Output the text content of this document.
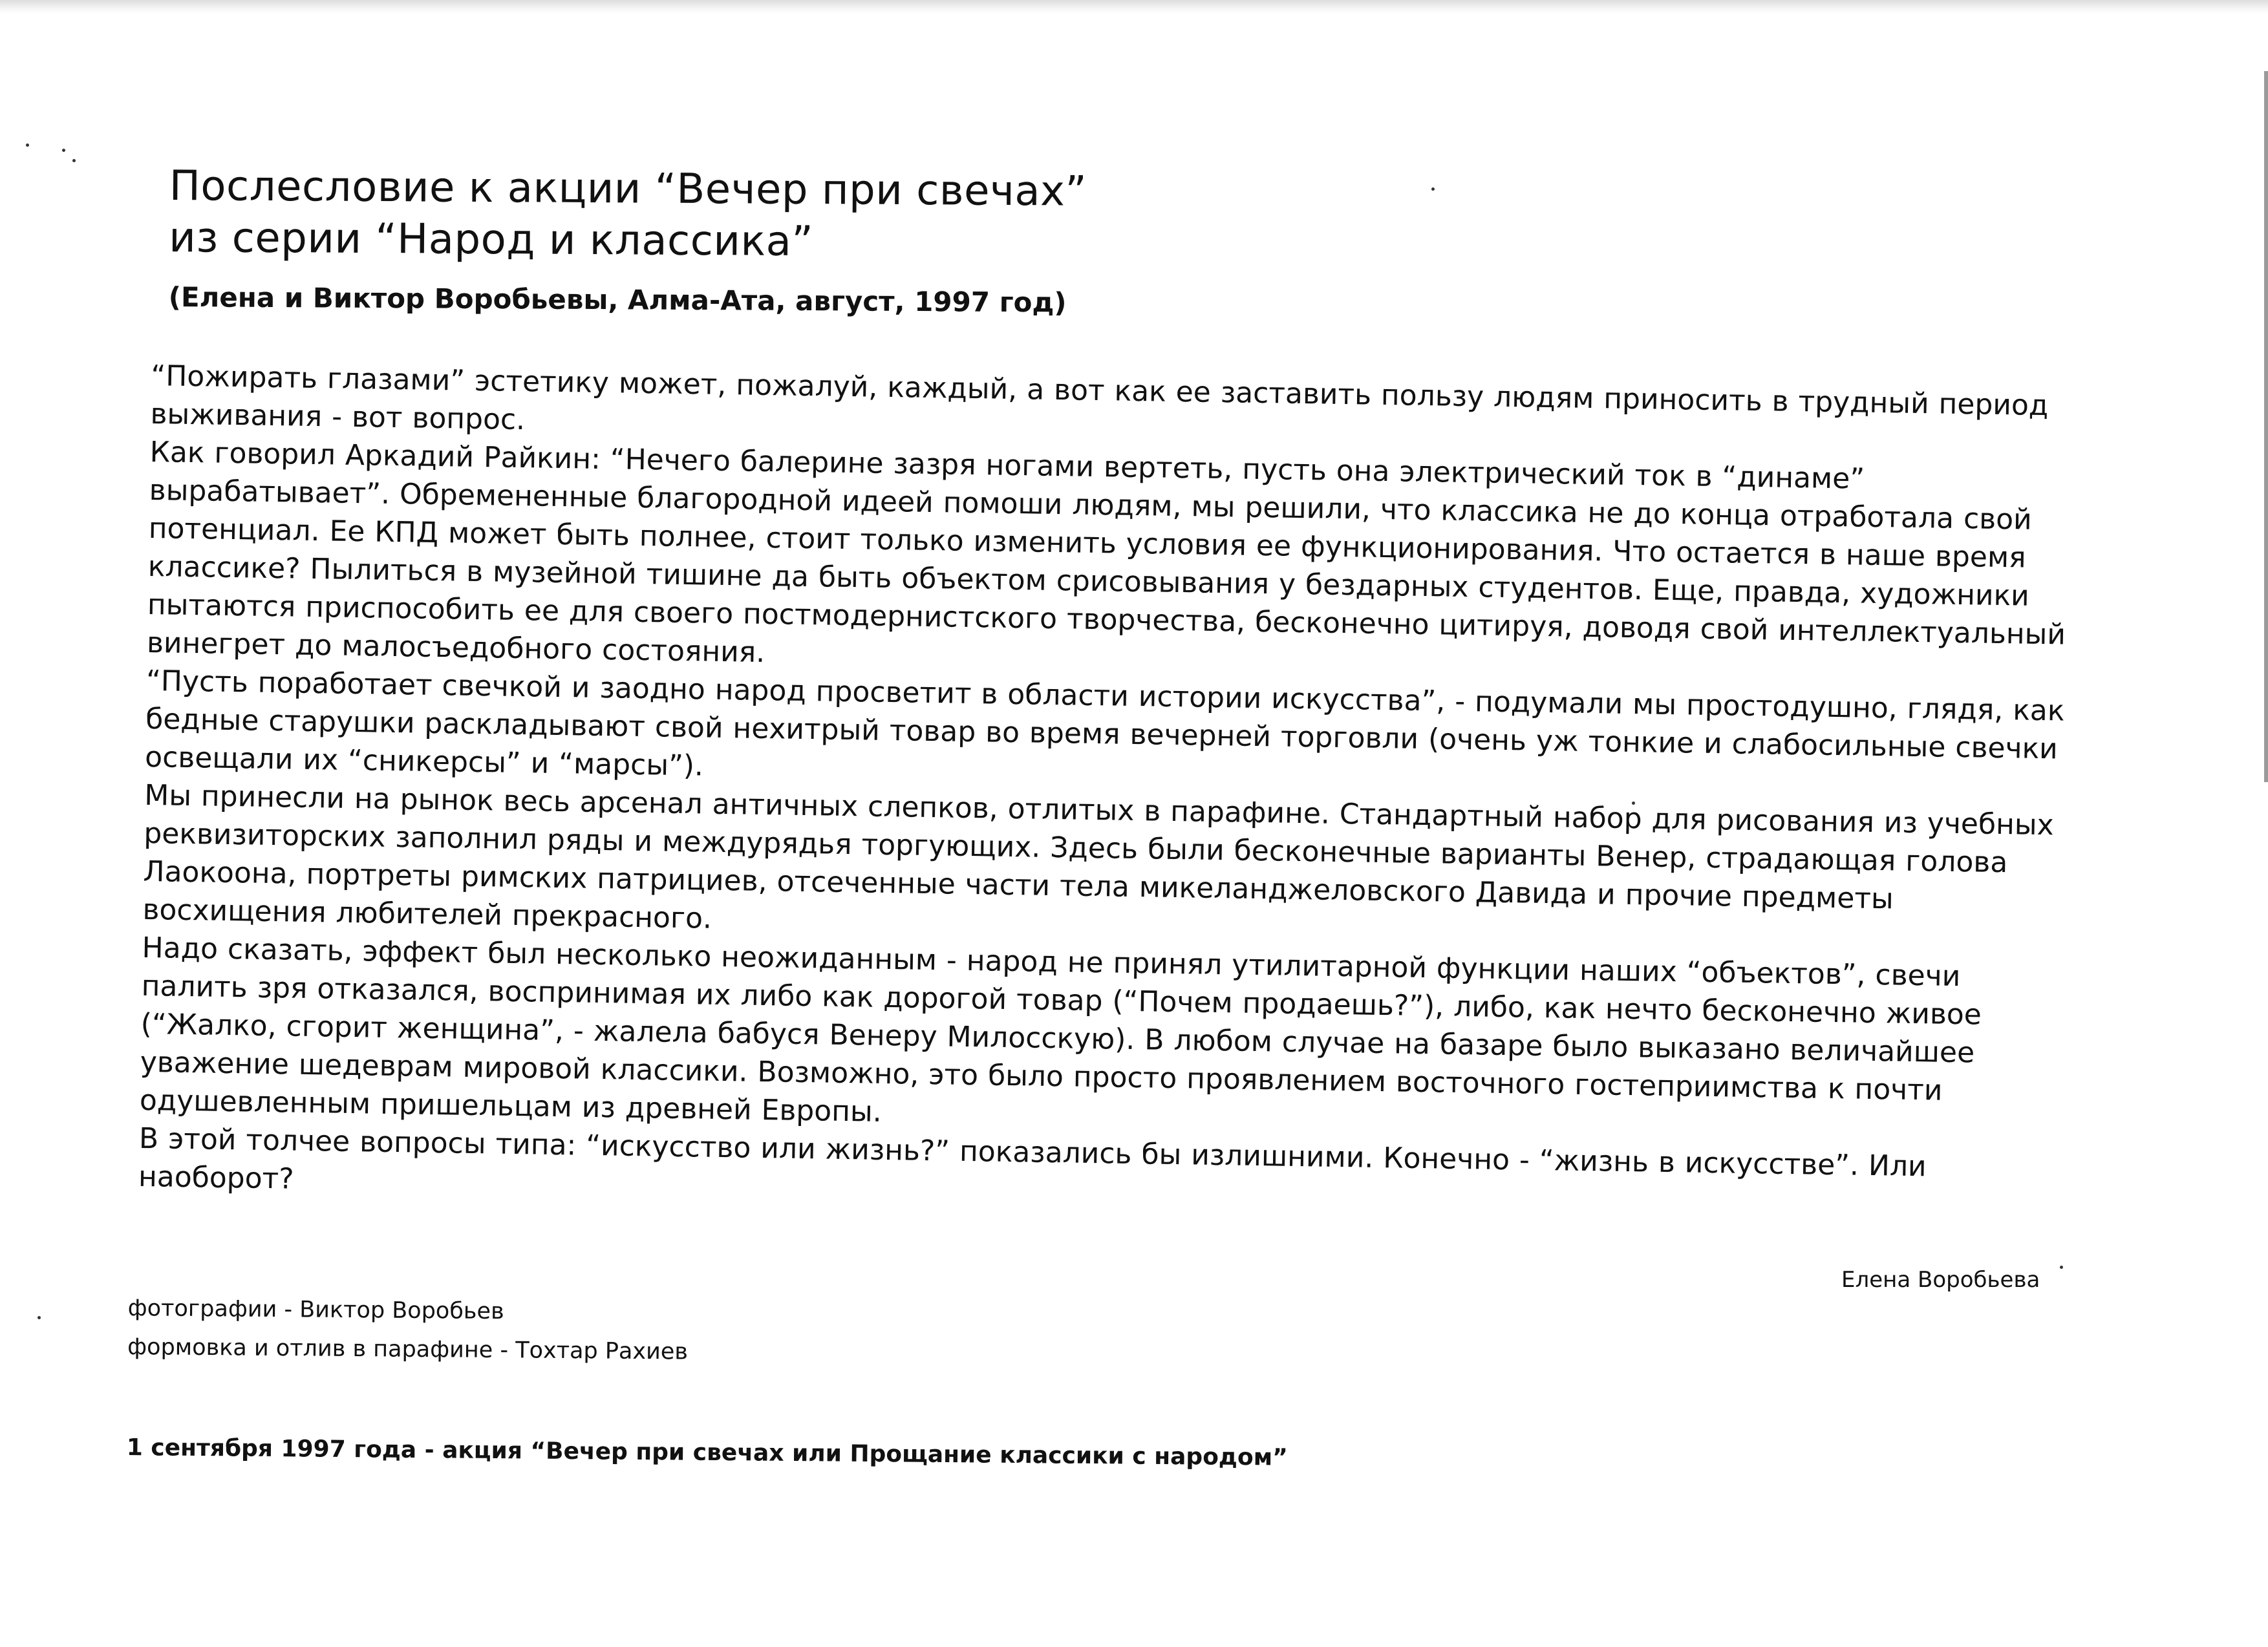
Послесловие к акции “Вечер при свечах”
из серии “Народ и классика”

(Елена и Виктор Воробьевы, Алма-Ата, август, 1997 год)

“Пожирать глазами” эстетику может, пожалуй, каждый, а вот как ее заставить пользу людям приносить в трудный период выживания - вот вопрос.

Как говорил Аркадий Райкин: “Нечего балерине зазря ногами вертеть, пусть она электрический ток в “динаме” вырабатывает”. Обремененные благородной идеей помоши людям, мы решили, что классика не до конца отработала свой потенциал. Ее КПД может быть полнее, стоит только изменить условия ее функционирования. Что остается в наше время классике? Пылиться в музейной тишине да быть объектом срисовывания у бездарных студентов. Еще, правда, художники пытаются приспособить ее для своего постмодернистского творчества, бесконечно цитируя, доводя свой интеллектуальный винегрет до малосъедобного состояния.

“Пусть поработает свечкой и заодно народ просветит в области истории искусства”, - подумали мы простодушно, глядя, как бедные старушки раскладывают свой нехитрый товар во время вечерней торговли (очень уж тонкие и слабосильные свечки освещали их “сникерсы” и “марсы”).

Мы принесли на рынок весь арсенал античных слепков, отлитых в парафине. Стандартный набор для рисования из учебных реквизиторских заполнил ряды и междурядья торгующих. Здесь были бесконечные варианты Венер, страдающая голова Лаокоона, портреты римских патрициев, отсеченные части тела микеланджеловского Давида и прочие предметы восхищения любителей прекрасного.

Надо сказать, эффект был несколько неожиданным - народ не принял утилитарной функции наших “объектов”, свечи палить зря отказался, воспринимая их либо как дорогой товар (“Почем продаешь?”), либо, как нечто бесконечно живое (“Жалко, сгорит женщина”, - жалела бабуся Венеру Милосскую). В любом случае на базаре было выказано величайшее уважение шедеврам мировой классики. Возможно, это было просто проявлением восточного гостеприимства к почти одушевленным пришельцам из древней Европы.

В этой толчее вопросы типа: “искусство или жизнь?” показались бы излишними. Конечно - “жизнь в искусстве”. Или наоборот?

Елена Воробьева

фотографии - Виктор Воробьев

формовка и отлив в парафине - Тохтар Рахиев

1 сентября 1997 года - акция “Вечер при свечах или Прощание классики с народом”
